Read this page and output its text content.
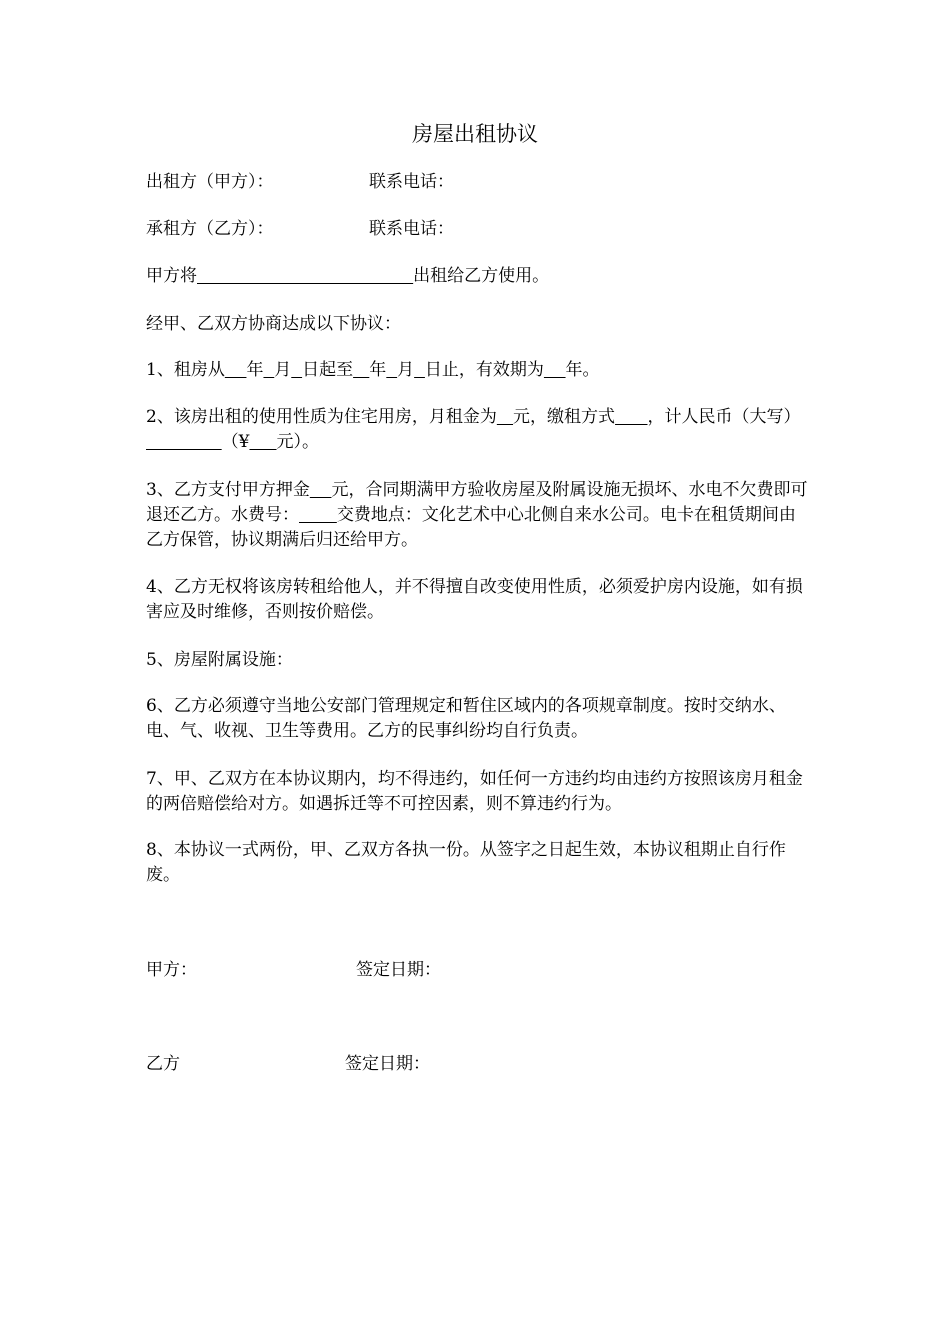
房屋出租协议
出租方（甲方）：	联系电话：
承租方（乙方）：	联系电话：
甲方将	出租给乙方使用。
经甲、乙双方协商达成以下协议：
1、租房从 年 月 日起至 年 月 日止，有效期为 年。
2、该房出租的使用性质为住宅用房，月租金为 元，缴租方式 ，计人民币（大写）              （¥ 元）。
3、乙方支付甲方押金 元，合同期满甲方验收房屋及附属设施无损坏、水电不欠费即可退还乙方。水费号： 交费地点：文化艺术中心北侧自来水公司。电卡在租赁期间由乙方保管，协议期满后归还给甲方。
4、乙方无权将该房转租给他人，并不得擅自改变使用性质，必须爱护房内设施，如有损害应及时维修，否则按价赔偿。
5、房屋附属设施：
6、乙方必须遵守当地公安部门管理规定和暂住区域内的各项规章制度。按时交纳水、电、气、收视、卫生等费用。乙方的民事纠纷均自行负责。
7、甲、乙双方在本协议期内，均不得违约，如任何一方违约均由违约方按照该房月租金的两倍赔偿给对方。如遇拆迁等不可控因素，则不算违约行为。
8、本协议一式两份，甲、乙双方各执一份。从签字之日起生效，本协议租期止自行作废。
甲方：	签定日期：
乙方	签定日期：
